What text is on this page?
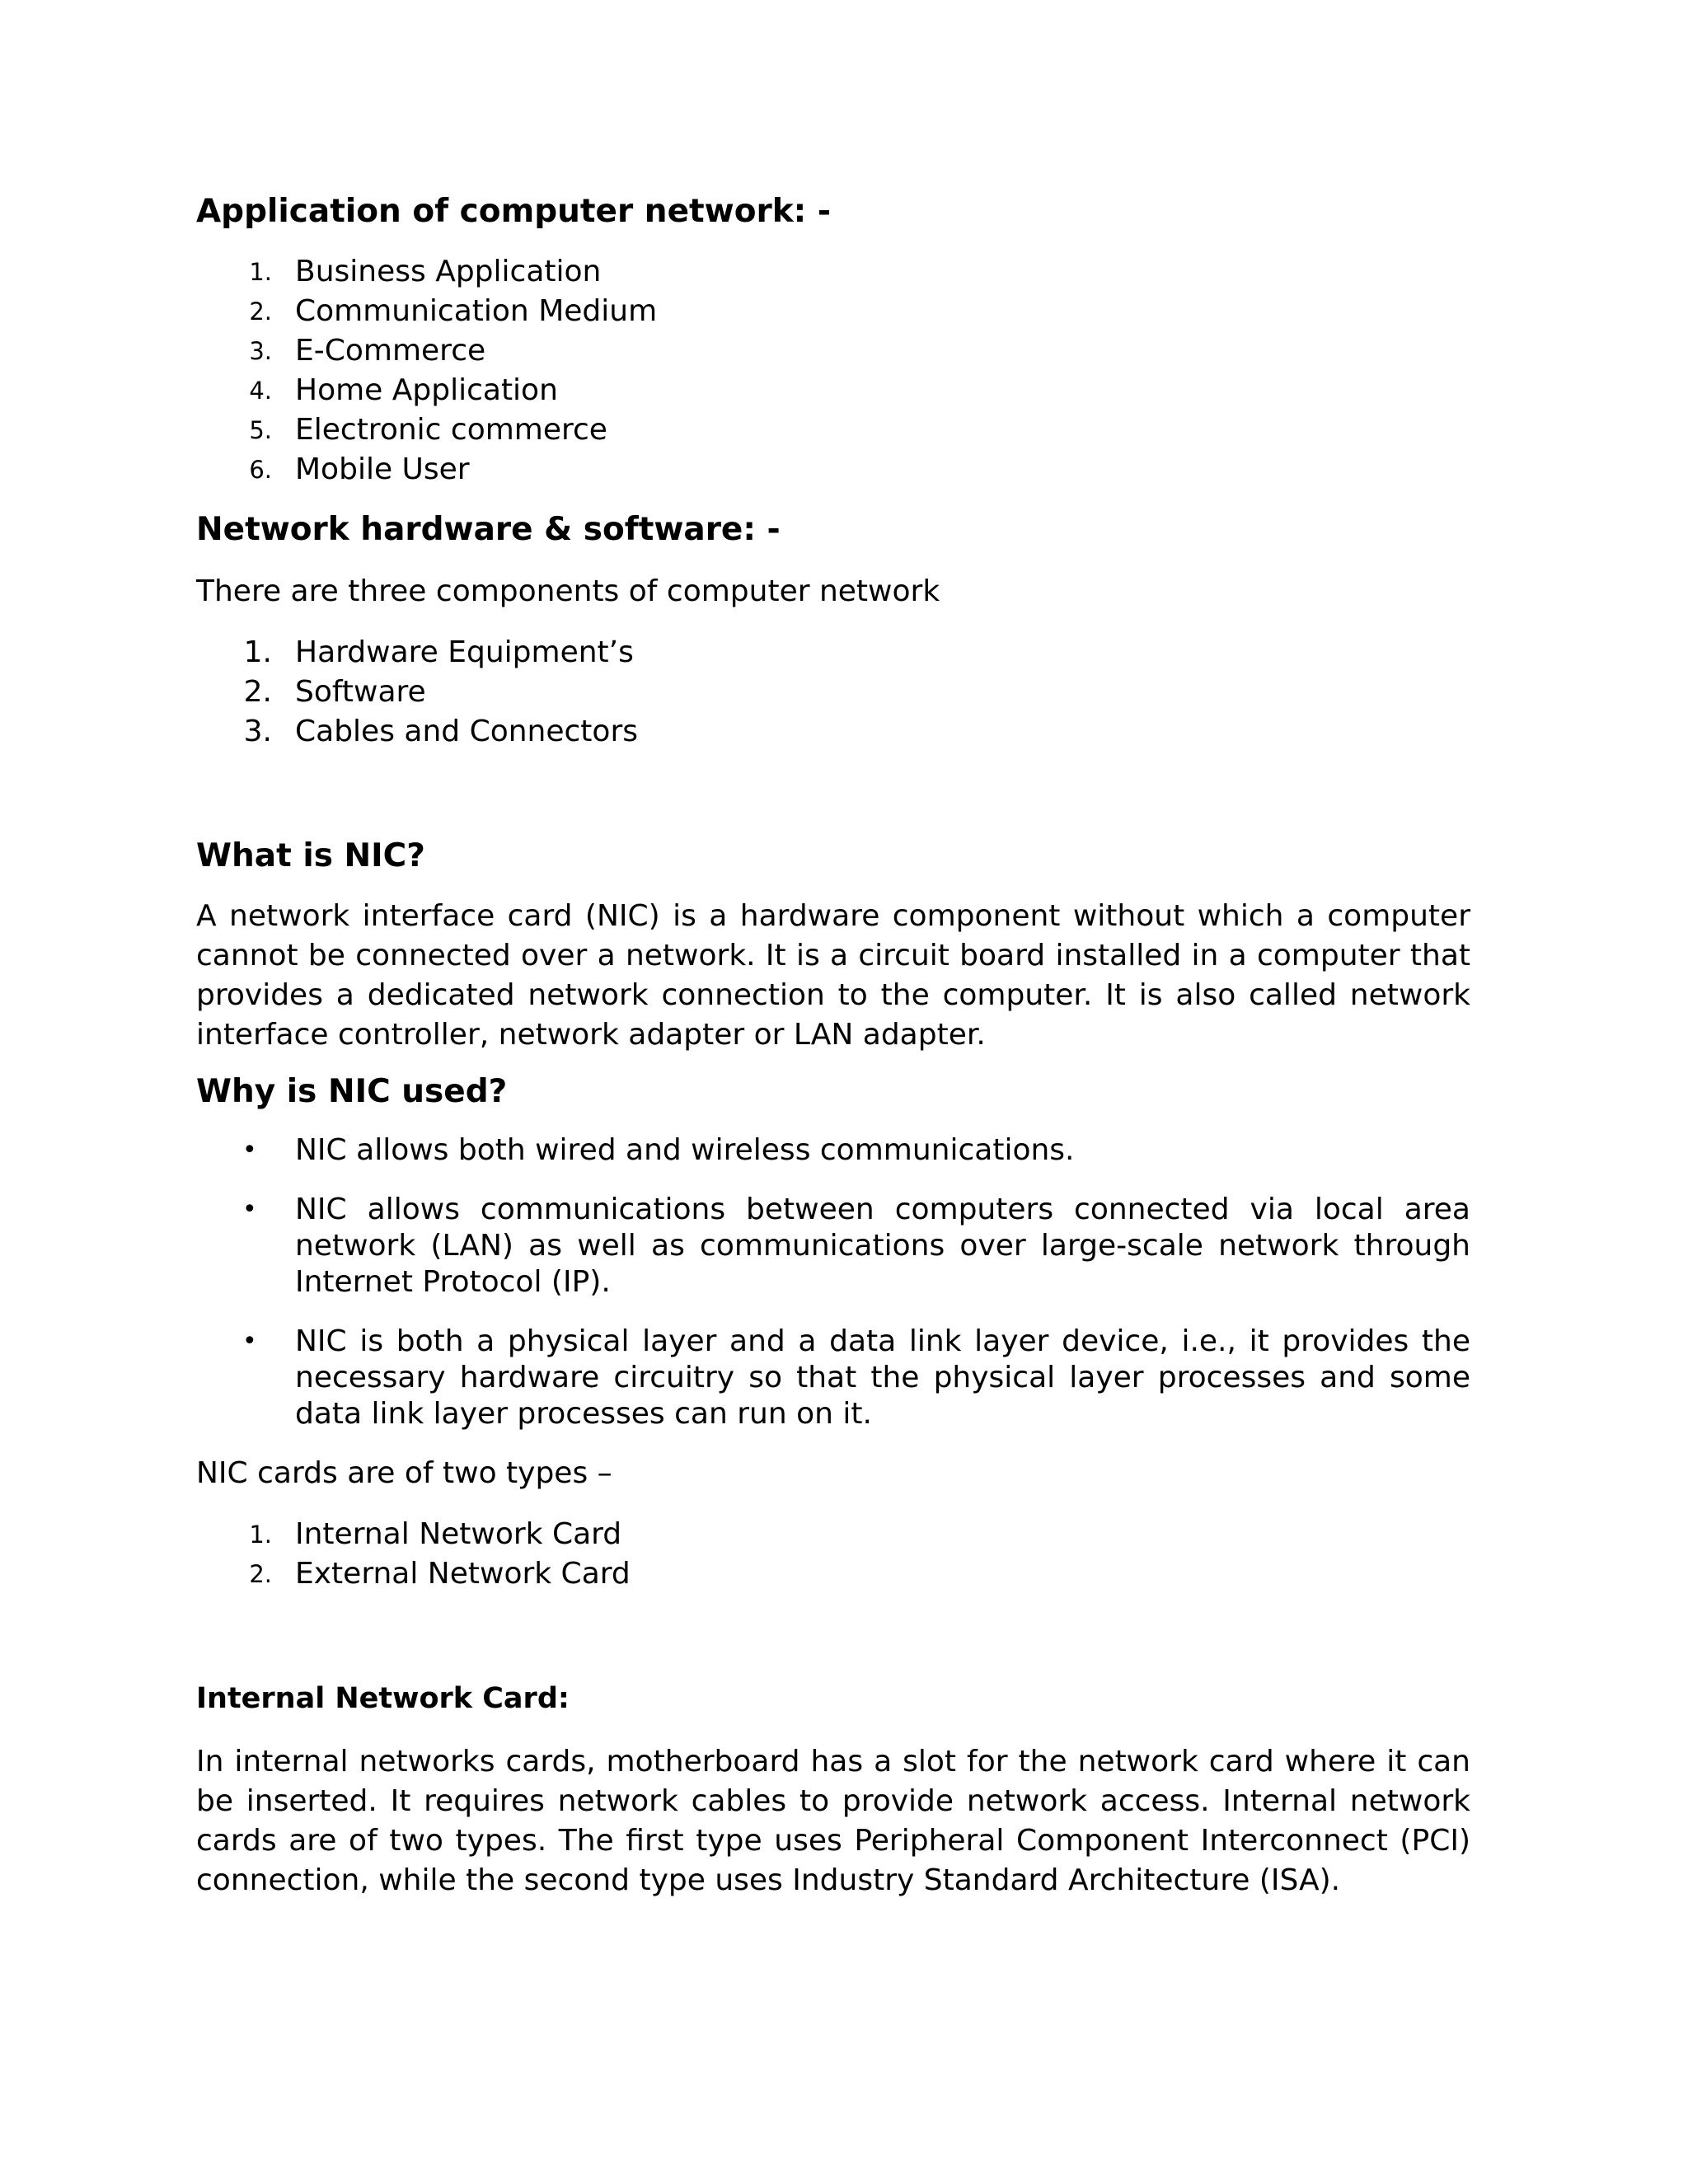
Application of computer network: -
1. Business Application
2. Communication Medium
3. E-Commerce
4. Home Application
5. Electronic commerce
6. Mobile User
Network hardware & software: -

There are three components of computer network

1. Hardware Equipment’s
2. Software
3. Cables and Connectors
What is NIC?

A network interface card (NIC) is a hardware component without which a computer cannot be connected over a network. It is a circuit board installed in a computer that provides a dedicated network connection to the computer. It is also called network interface controller, network adapter or LAN adapter.

Why is NIC used?
• NIC allows both wired and wireless communications.
• NIC allows communications between computers connected via local area network (LAN) as well as communications over large-scale network through Internet Protocol (IP).
• NIC is both a physical layer and a data link layer device, i.e., it provides the necessary hardware circuitry so that the physical layer processes and some data link layer processes can run on it.

NIC cards are of two types –

1. Internal Network Card
2. External Network Card
Internal Network Card:

In internal networks cards, motherboard has a slot for the network card where it can be inserted. It requires network cables to provide network access. Internal network cards are of two types. The first type uses Peripheral Component Interconnect (PCI) connection, while the second type uses Industry Standard Architecture (ISA).
